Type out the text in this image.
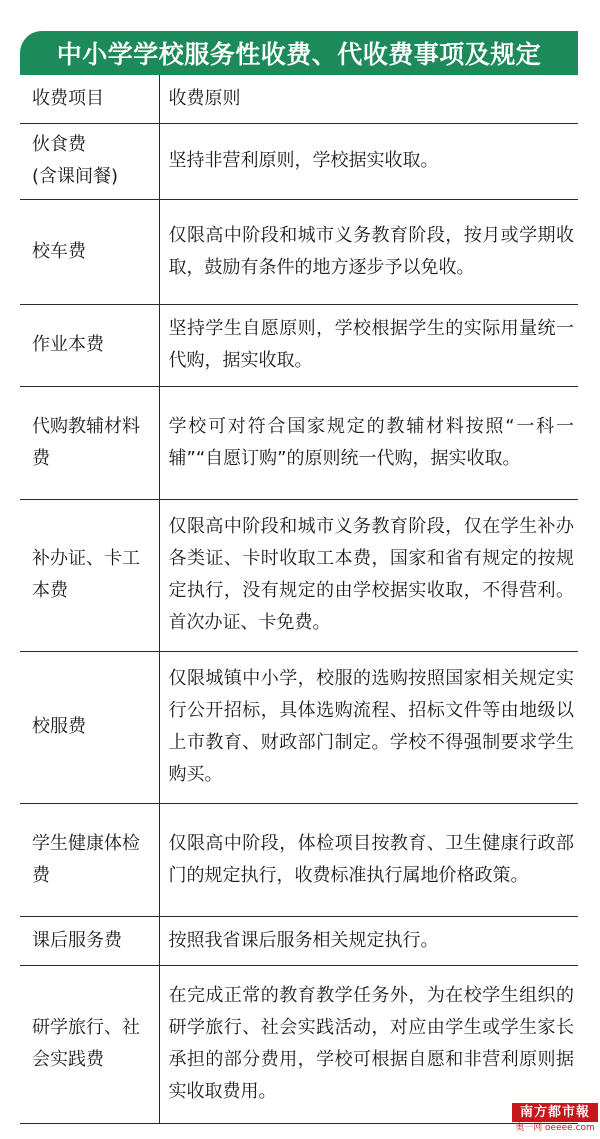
中小学学校服务性收费、代收费事项及规定
收费项目	收费原则
伙食费
(含课间餐)	坚持非营利原则，学校据实收取。
校车费	仅限高中阶段和城市义务教育阶段，按月或学期收取，鼓励有条件的地方逐步予以免收。
作业本费	坚持学生自愿原则，学校根据学生的实际用量统一代购，据实收取。
代购教辅材料费	学校可对符合国家规定的教辅材料按照“一科一辅”“自愿订购”的原则统一代购，据实收取。
补办证、卡工本费	仅限高中阶段和城市义务教育阶段，仅在学生补办各类证、卡时收取工本费，国家和省有规定的按规定执行，没有规定的由学校据实收取，不得营利。首次办证、卡免费。
校服费	仅限城镇中小学，校服的选购按照国家相关规定实行公开招标，具体选购流程、招标文件等由地级以上市教育、财政部门制定。学校不得强制要求学生购买。
学生健康体检费	仅限高中阶段，体检项目按教育、卫生健康行政部门的规定执行，收费标准执行属地价格政策。
课后服务费	按照我省课后服务相关规定执行。
研学旅行、社会实践费	在完成正常的教育教学任务外，为在校学生组织的研学旅行、社会实践活动，对应由学生或学生家长承担的部分费用，学校可根据自愿和非营利原则据实收取费用。
南方都市報
奥一网 oeeee.com
